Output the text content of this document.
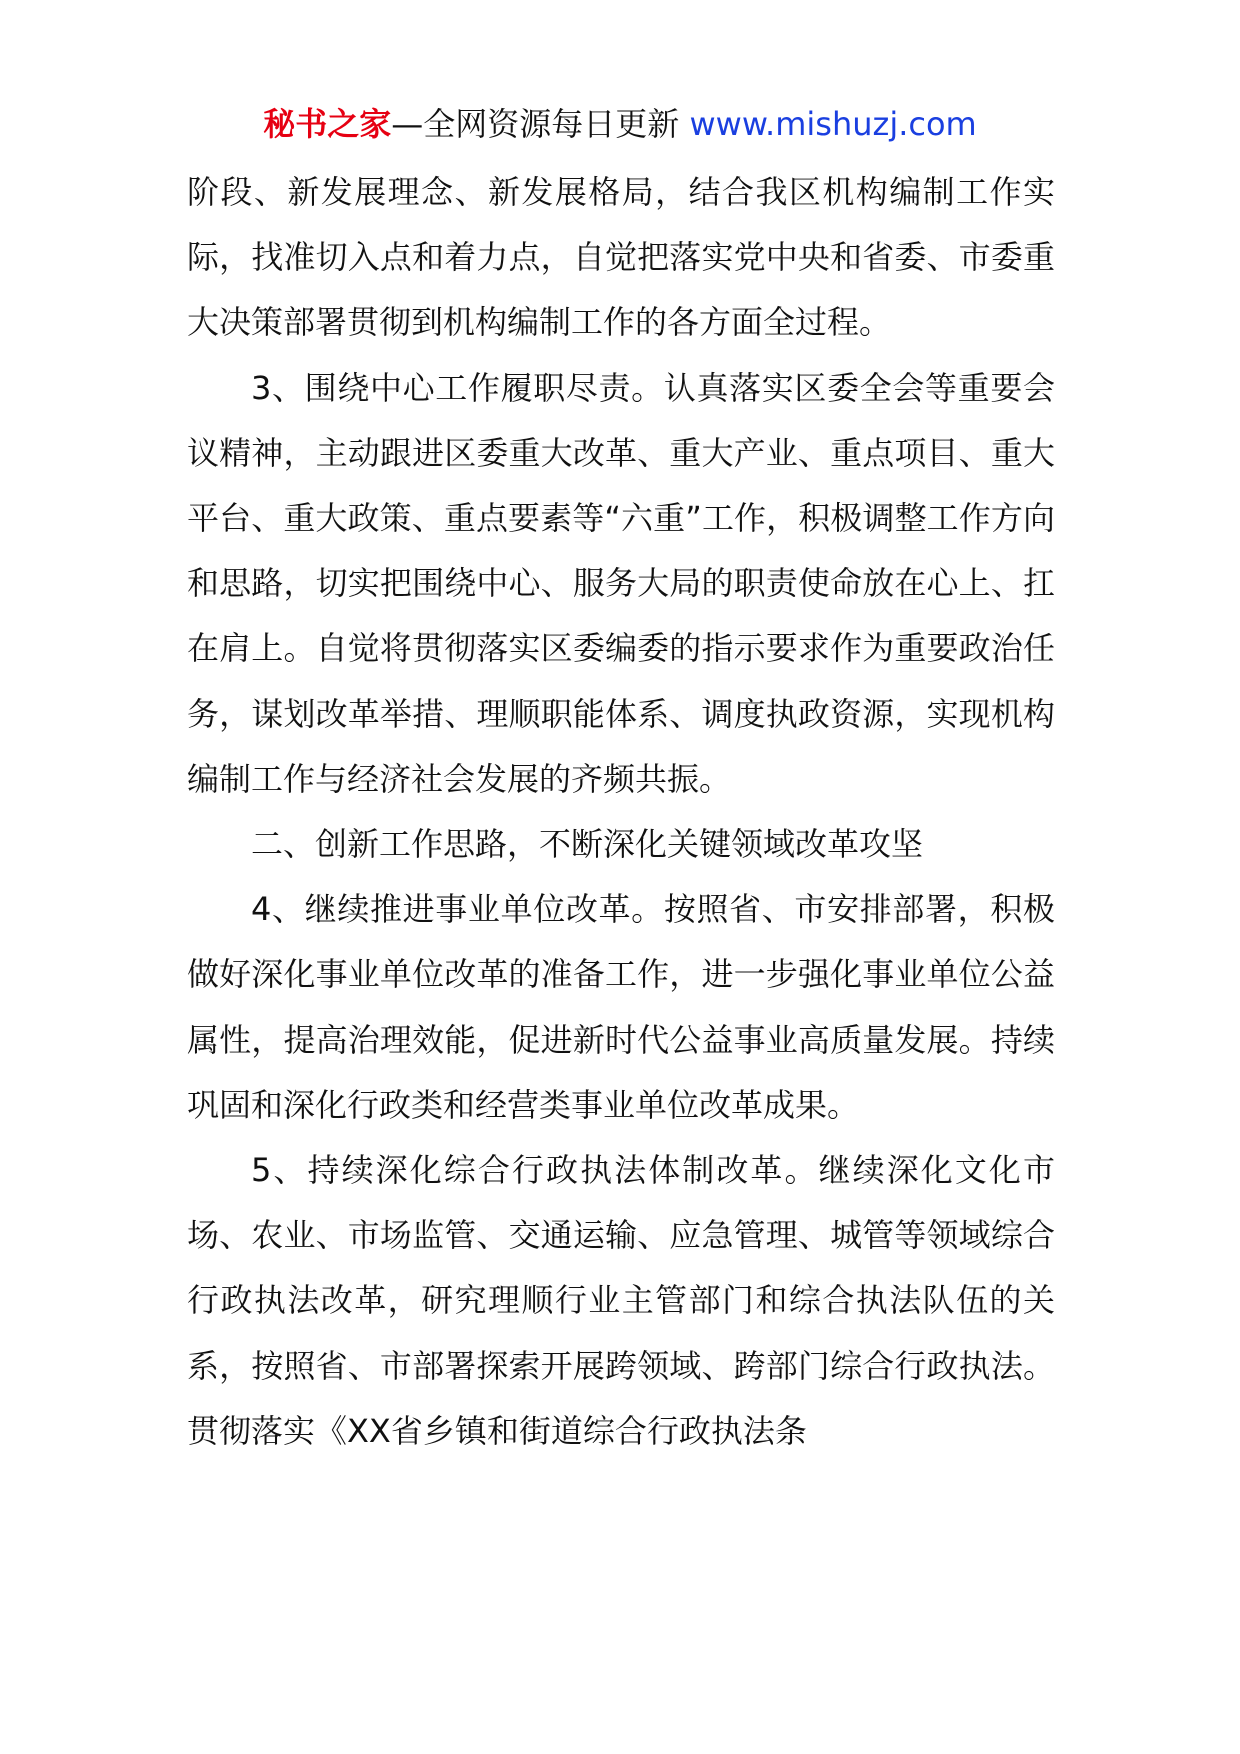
秘书之家—全网资源每日更新 www.mishuzj.com

阶段、新发展理念、新发展格局，结合我区机构编制工作实际，找准切入点和着力点，自觉把落实党中央和省委、市委重大决策部署贯彻到机构编制工作的各方面全过程。

3、围绕中心工作履职尽责。认真落实区委全会等重要会议精神，主动跟进区委重大改革、重大产业、重点项目、重大平台、重大政策、重点要素等“六重”工作，积极调整工作方向和思路，切实把围绕中心、服务大局的职责使命放在心上、扛在肩上。自觉将贯彻落实区委编委的指示要求作为重要政治任务，谋划改革举措、理顺职能体系、调度执政资源，实现机构编制工作与经济社会发展的齐频共振。

二、创新工作思路，不断深化关键领域改革攻坚

4、继续推进事业单位改革。按照省、市安排部署，积极做好深化事业单位改革的准备工作，进一步强化事业单位公益属性，提高治理效能，促进新时代公益事业高质量发展。持续巩固和深化行政类和经营类事业单位改革成果。

5、持续深化综合行政执法体制改革。继续深化文化市场、农业、市场监管、交通运输、应急管理、城管等领域综合行政执法改革，研究理顺行业主管部门和综合执法队伍的关系，按照省、市部署探索开展跨领域、跨部门综合行政执法。贯彻落实《XX省乡镇和街道综合行政执法条
